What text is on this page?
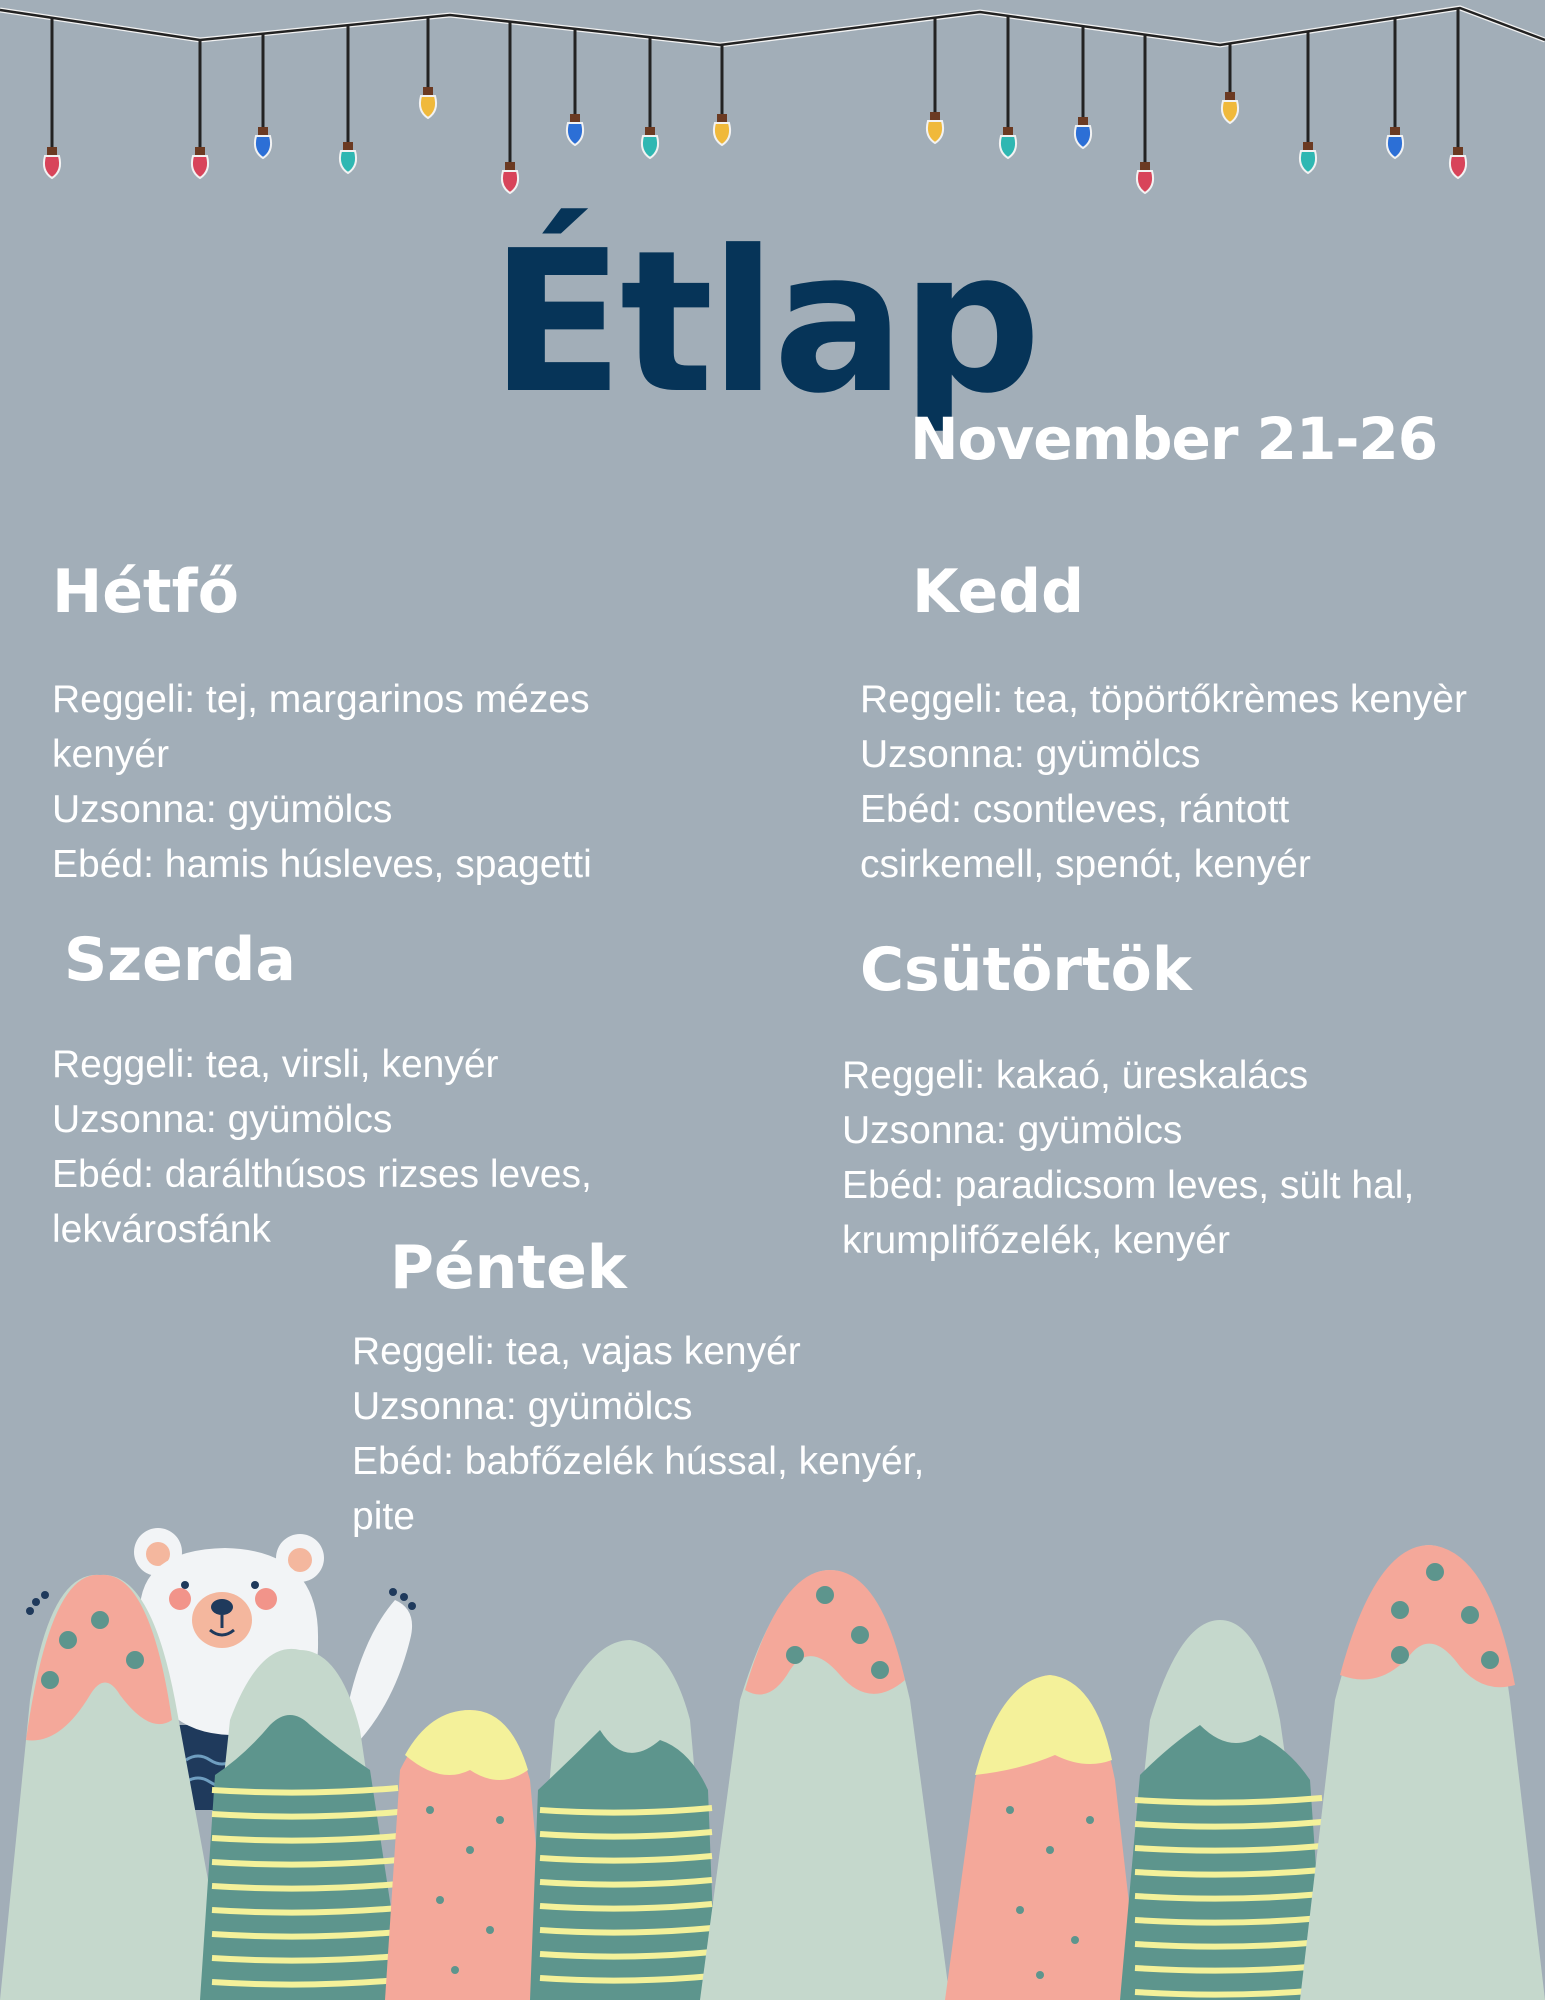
Étlap
November 21-26
Hétfő
Reggeli: tej, margarinos mézes
kenyér
Uzsonna: gyümölcs
Ebéd: hamis húsleves, spagetti
Kedd
Reggeli: tea, töpörtőkrèmes kenyèr
Uzsonna: gyümölcs
Ebéd: csontleves, rántott
csirkemell, spenót, kenyér
Szerda
Reggeli: tea, virsli, kenyér
Uzsonna: gyümölcs
Ebéd: darálthúsos rizses leves,
lekvárosfánk
Csütörtök
Reggeli: kakaó, üreskalács
Uzsonna: gyümölcs
Ebéd: paradicsom leves, sült hal,
krumplifőzelék, kenyér
Péntek
Reggeli: tea, vajas kenyér
Uzsonna: gyümölcs
Ebéd: babfőzelék hússal, kenyér,
pite
